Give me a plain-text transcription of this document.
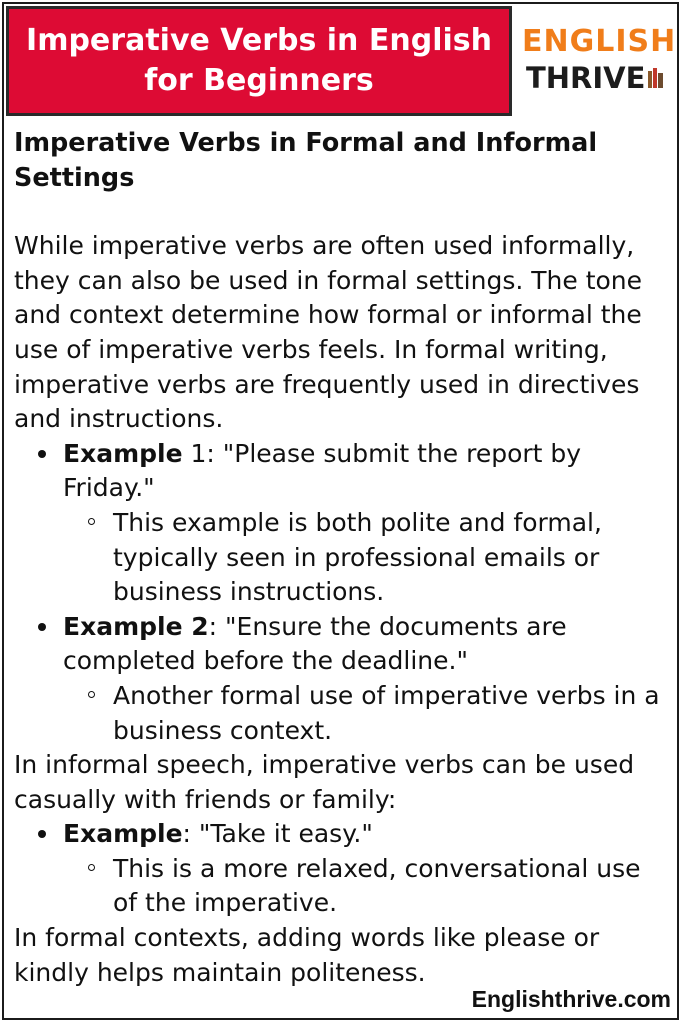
Imperative Verbs in English
for Beginners
ENGLISH
THRIVE
Imperative Verbs in Formal and Informal Settings

While imperative verbs are often used informally, they can also be used in formal settings. The tone and context determine how formal or informal the use of imperative verbs feels. In formal writing, imperative verbs are frequently used in directives and instructions.

Example 1: "Please submit the report by Friday."
This example is both polite and formal, typically seen in professional emails or business instructions.
Example 2: "Ensure the documents are completed before the deadline."
Another formal use of imperative verbs in a business context.

In informal speech, imperative verbs can be used casually with friends or family:

Example: "Take it easy."
This is a more relaxed, conversational use of the imperative.

In formal contexts, adding words like please or kindly helps maintain politeness.

Englishthrive.com
